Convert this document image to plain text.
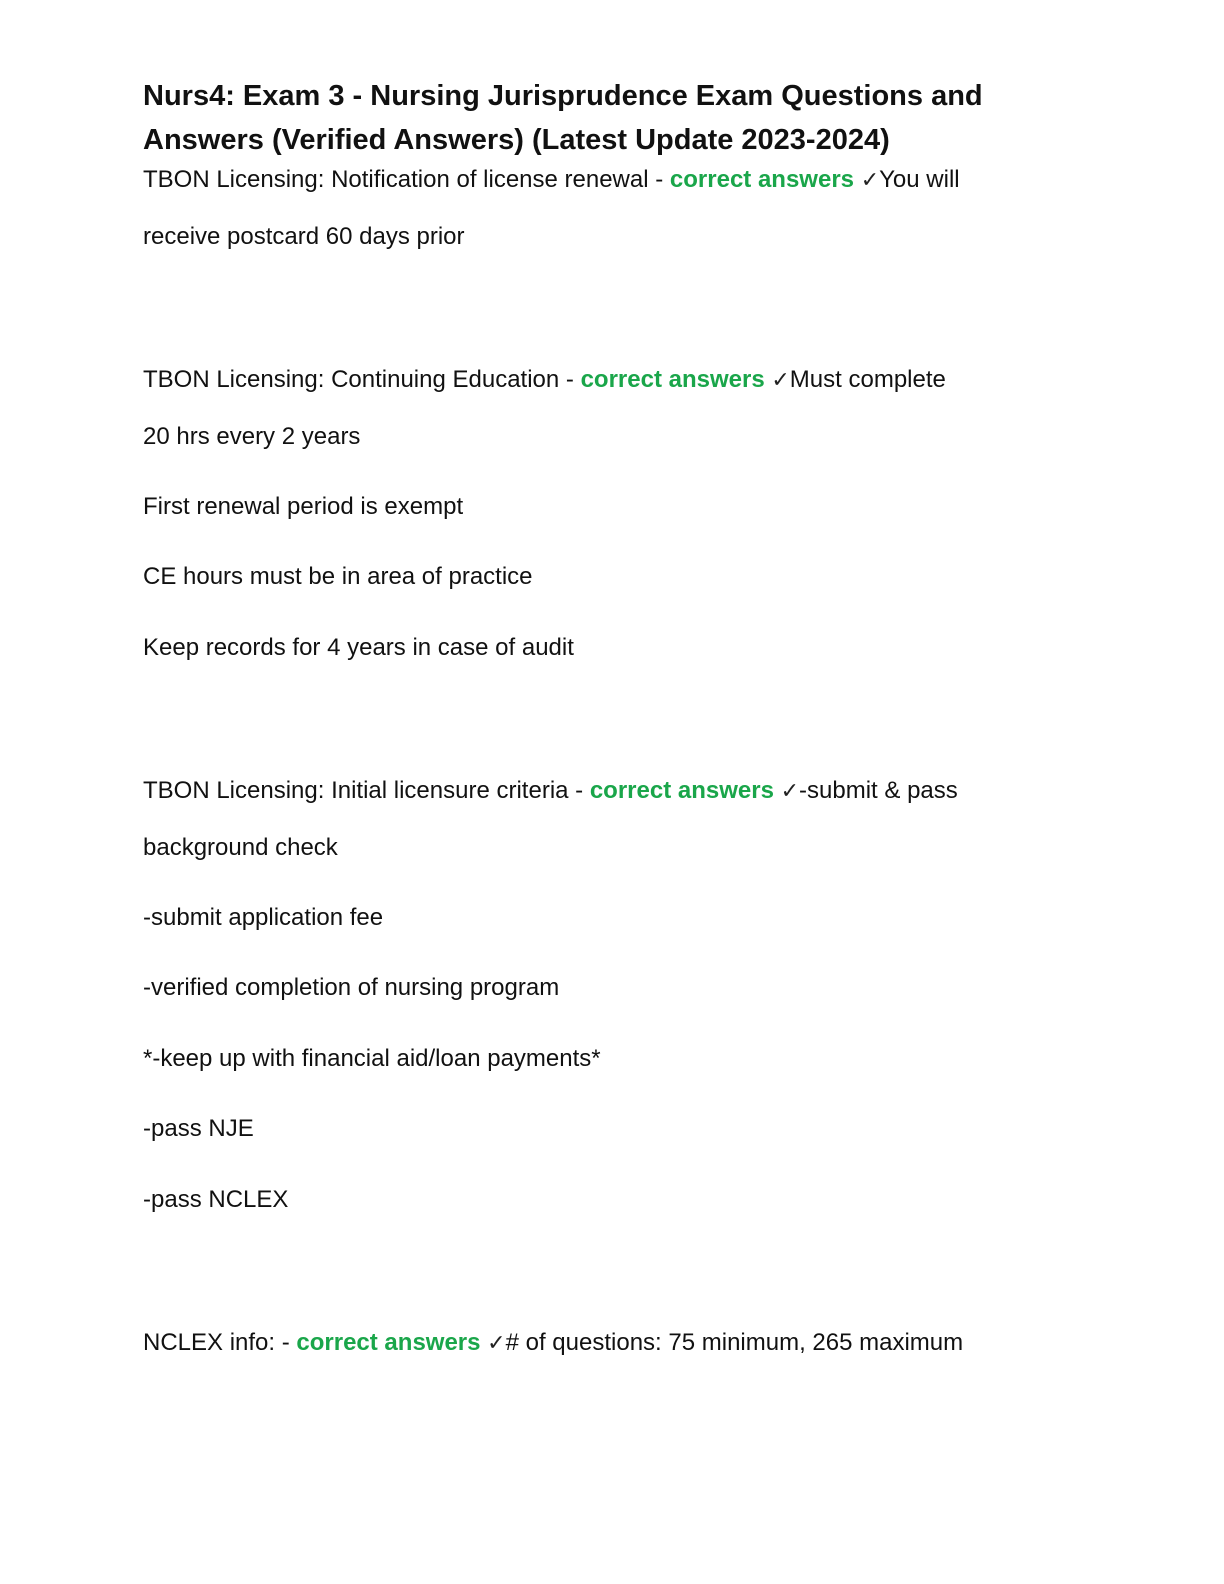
Nurs4: Exam 3 - Nursing Jurisprudence Exam Questions and
Answers (Verified Answers) (Latest Update 2023-2024)

TBON Licensing: Notification of license renewal - correct answers ✓You will

receive postcard 60 days prior

TBON Licensing: Continuing Education - correct answers ✓Must complete

20 hrs every 2 years

First renewal period is exempt

CE hours must be in area of practice

Keep records for 4 years in case of audit

TBON Licensing: Initial licensure criteria - correct answers ✓-submit & pass

background check

-submit application fee

-verified completion of nursing program

*-keep up with financial aid/loan payments*

-pass NJE

-pass NCLEX

NCLEX info: - correct answers ✓# of questions: 75 minimum, 265 maximum
